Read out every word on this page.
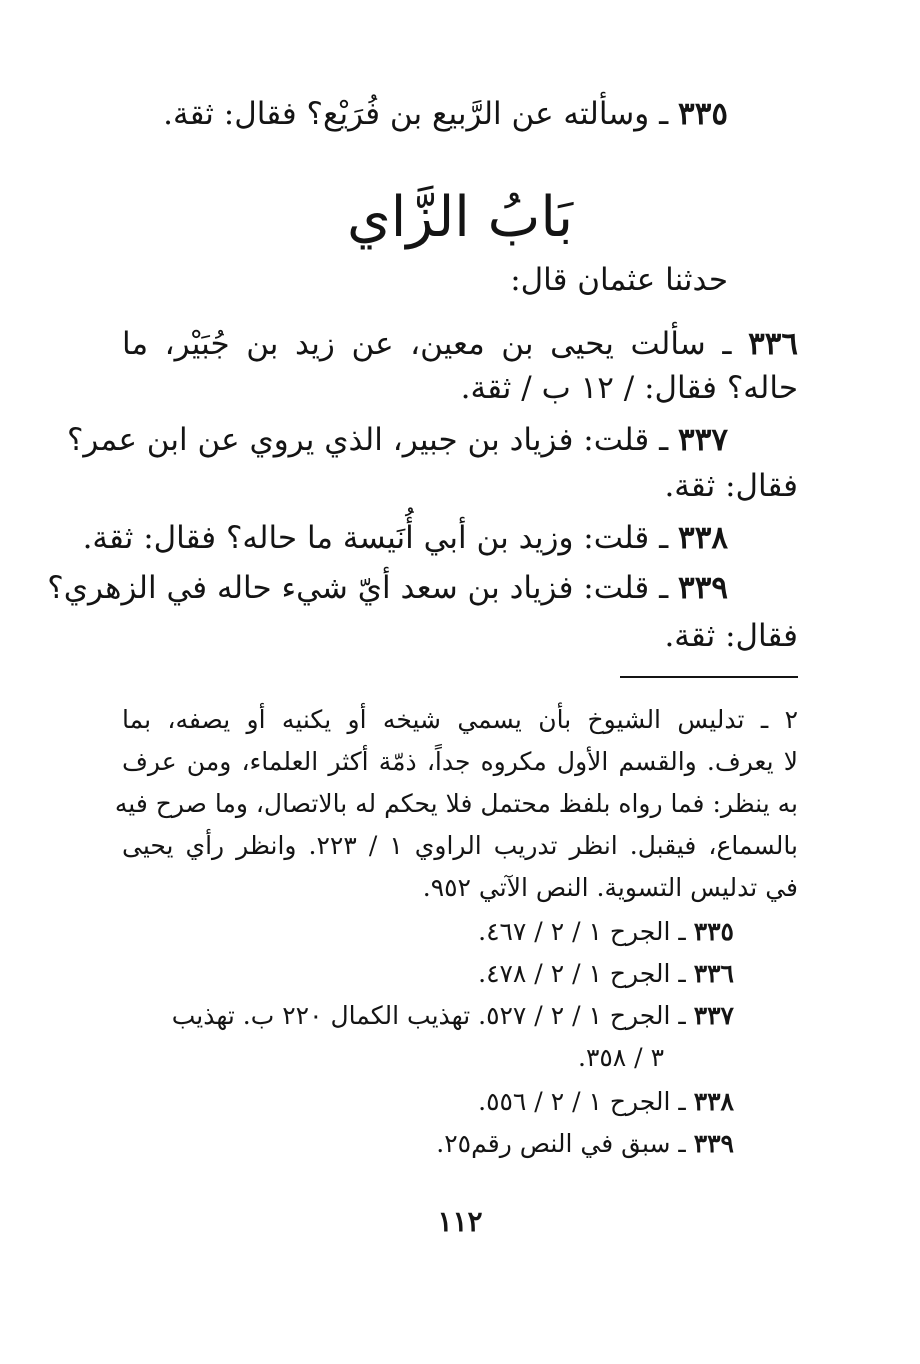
٣٣٥ ـ وسألته عن الرَّبيع بن فُرَيْع؟ فقال: ثقة.
بَابُ الزَّاي
حدثنا عثمان قال:
٣٣٦ ـ سألت يحيى بن معين، عن زيد بن جُبَيْر، ما
حاله؟ فقال: / ١٢ ب / ثقة.
٣٣٧ ـ قلت: فزياد بن جبير، الذي يروي عن ابن عمر؟
فقال: ثقة.
٣٣٨ ـ قلت: وزيد بن أبي أُنَيسة ما حاله؟ فقال: ثقة.
٣٣٩ ـ قلت: فزياد بن سعد أيّ شيء حاله في الزهري؟
فقال: ثقة.
٢ ـ تدليس الشيوخ بأن يسمي شيخه أو يكنيه أو يصفه، بما
لا يعرف. والقسم الأول مكروه جداً، ذمّة أكثر العلماء، ومن عرف
به ينظر: فما رواه بلفظ محتمل فلا يحكم له بالاتصال، وما صرح فيه
بالسماع، فيقبل. انظر تدريب الراوي ١ / ٢٢٣. وانظر رأي يحيى
في تدليس التسوية. النص الآتي ٩٥٢.
٣٣٥ ـ الجرح ١ / ٢ / ٤٦٧.
٣٣٦ ـ الجرح ١ / ٢ / ٤٧٨.
٣٣٧ ـ الجرح ١ / ٢ / ٥٢٧. تهذيب الكمال ٢٢٠ ب. تهذيب
٣ / ٣٥٨.
٣٣٨ ـ الجرح ١ / ٢ / ٥٥٦.
٣٣٩ ـ سبق في النص رقم٢٥.
١١٢
